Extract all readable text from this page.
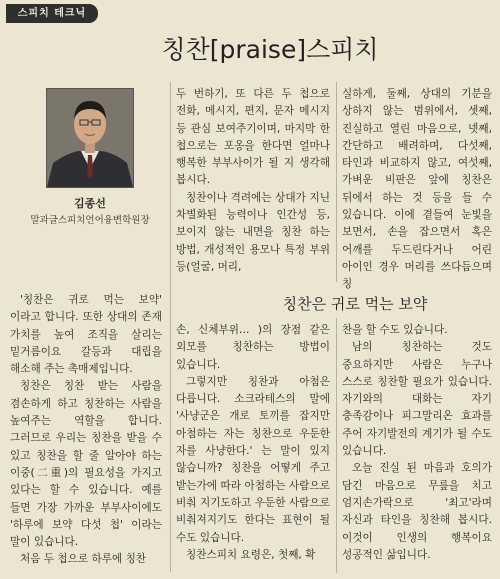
스피치 테크닉
칭찬[praise]스피치
김종선
말과글스피치언어융변학원장

'칭찬은 귀로 먹는 보약' 이라고 합니다. 또한 상대의 존재 가치를 높여 조직을 살리는 밑거름이요 갈등과 대립을 해소해 주는 촉매제입니다.

칭찬은 칭찬 받는 사람을 겸손하게 하고 칭찬하는 사람을 높여주는 역할을 합니다. 그러므로 우리는 칭찬을 받을 수 있고 칭찬을 할 줄 알아야 하는 이중(二重)의 필요성을 가지고 있다는 할 수 있습니다. 예를 들면 가장 가까운 부부사이에도 '하루에 보약 다섯 첩' 이라는 말이 있습니다.

처음 두 첩으로 하루에 칭찬

두 번하기, 또 다른 두 첩으로 전화, 메시지, 편지, 문자 메시지 등 관심 보여주기이며, 마지막 한 첩으로는 포옹을 한다면 얼마나 행복한 부부사이가 될 지 생각해 봅시다.

칭찬이나 격려에는 상대가 지닌 차별화된 능력이나 인간성 등, 보이지 않는 내면을 칭찬 하는 방법, 개성적인 용모나 특정 부위 등(얼굴, 머리,

실하게, 둘째, 상대의 기분을 상하지 않는 범위에서, 셋째, 진실하고 열린 마음으로, 넷째, 간단하고 배려하며, 다섯째, 타인과 비교하지 않고, 여섯째, 가벼운 비판은 앞에 칭찬은 뒤에서 하는 것 등을 들 수 있습니다. 이에 곁들여 눈빛을 보면서, 손을 잡으면서 혹은 어깨를 두드린다거나 어린 아이인 경우 머리를 쓰다듬으며 칭

칭찬은 귀로 먹는 보약

손, 신체부위… )의 장점 같은 외모를 칭찬하는 방법이 있습니다.

그렇지만 칭찬과 아첨은 다릅니다. 소크라테스의 말에 '사냥군은 개로 토끼를 잡지만 아첨하는 자는 칭찬으로 우둔한 자를 사냥한다.' 는 말이 있지 않습니까? 칭찬을 어떻게 주고 받는가에 따라 아첨하는 사람으로 비춰 지기도하고 우둔한 사람으로 비춰져지기도 한다는 표현이 될 수도 있습니다.

칭찬스피치 요령은, 첫째, 확

찬을 할 수도 있습니다.

남의 칭찬하는 것도 중요하지만 사람은 누구나 스스로 칭찬할 필요가 있습니다. 자기와의 대화는 자기 충족감이나 피그말리온 효과를 주어 자기발전의 계기가 될 수도 있습니다.

오늘 진실 된 마음과 호의가 담긴 마음으로 무릎을 치고 엄지손가락으로 '최고'라며 자신과 타인을 칭찬해 봅시다. 이것이 인생의 행복이요 성공적인 삶입니다.
